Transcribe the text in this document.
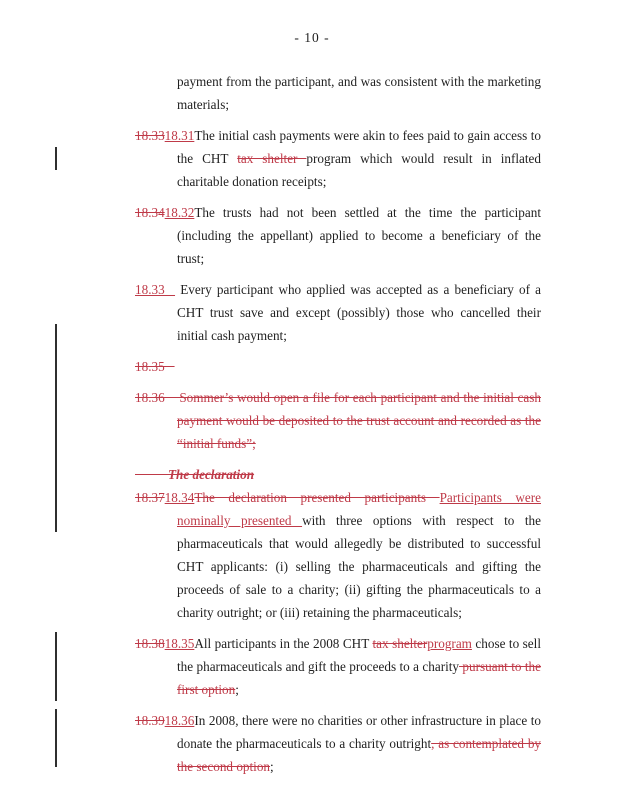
- 10 -

payment from the participant, and was consistent with the marketing materials;

18.3318.31The initial cash payments were akin to fees paid to gain access to the CHT tax shelter program which would result in inflated charitable donation receipts;

18.3418.32The trusts had not been settled at the time the participant (including the appellant) applied to become a beneficiary of the trust;

18.33   Every participant who applied was accepted as a beneficiary of a CHT trust save and except (possibly) those who cancelled their initial cash payment;

18.35

18.36    Sommer’s would open a file for each participant and the initial cash payment would be deposited to the trust account and recorded as the “initial funds”;

The declaration

18.3718.34The declaration presented participants Participants were nominally presented with three options with respect to the pharmaceuticals that would allegedly be distributed to successful CHT applicants: (i) selling the pharmaceuticals and gifting the proceeds of sale to a charity; (ii) gifting the pharmaceuticals to a charity outright; or (iii) retaining the pharmaceuticals;

18.3818.35All participants in the 2008 CHT tax shelterprogram chose to sell the pharmaceuticals and gift the proceeds to a charity pursuant to the first option;

18.3918.36In 2008, there were no charities or other infrastructure in place to donate the pharmaceuticals to a charity outright, as contemplated by the second option;
